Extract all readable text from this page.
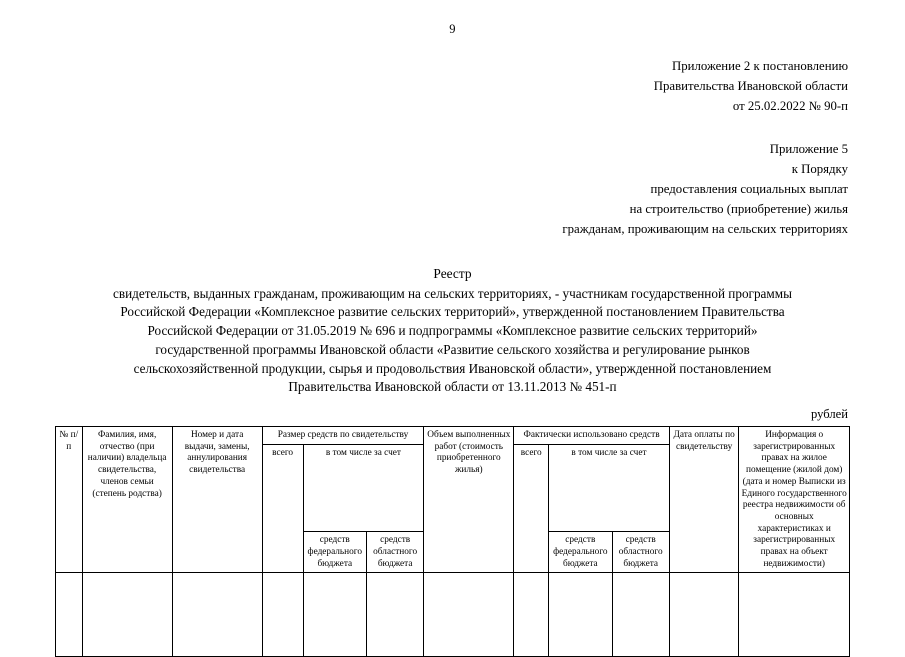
9
Приложение 2 к постановлению
Правительства Ивановской области
от 25.02.2022 № 90-п
Приложение 5
к Порядку
предоставления социальных выплат
на строительство (приобретение) жилья
гражданам, проживающим на сельских территориях
Реестр
свидетельств, выданных гражданам, проживающим на сельских территориях, - участникам государственной программы
Российской Федерации «Комплексное развитие сельских территорий», утвержденной постановлением Правительства
Российской Федерации от 31.05.2019 № 696 и подпрограммы «Комплексное развитие сельских территорий»
государственной программы Ивановской области «Развитие сельского хозяйства и регулирование рынков
сельскохозяйственной продукции, сырья и продовольствия Ивановской области», утвержденной постановлением
Правительства Ивановской области от 13.11.2013 № 451-п
рублей
№ п/п	Фамилия, имя, отчество (при наличии) владельца свидетельства, членов семьи (степень родства)	Номер и дата выдачи, замены, аннулирования свидетельства	Размер средств по свидетельству			Объем выполненных работ (стоимость приобретенного жилья)	Фактически использовано средств			Дата оплаты по свидетельству	Информация о зарегистрированных правах на жилое помещение (жилой дом) (дата и номер Выписки из Единого государственного реестра недвижимости об основных характеристиках и зарегистрированных правах на объект недвижимости)
			всего	в том числе за счет			всего	в том числе за счет			
				средств федерального бюджета	средств областного бюджета			средств федерального бюджета	средств областного бюджета		
